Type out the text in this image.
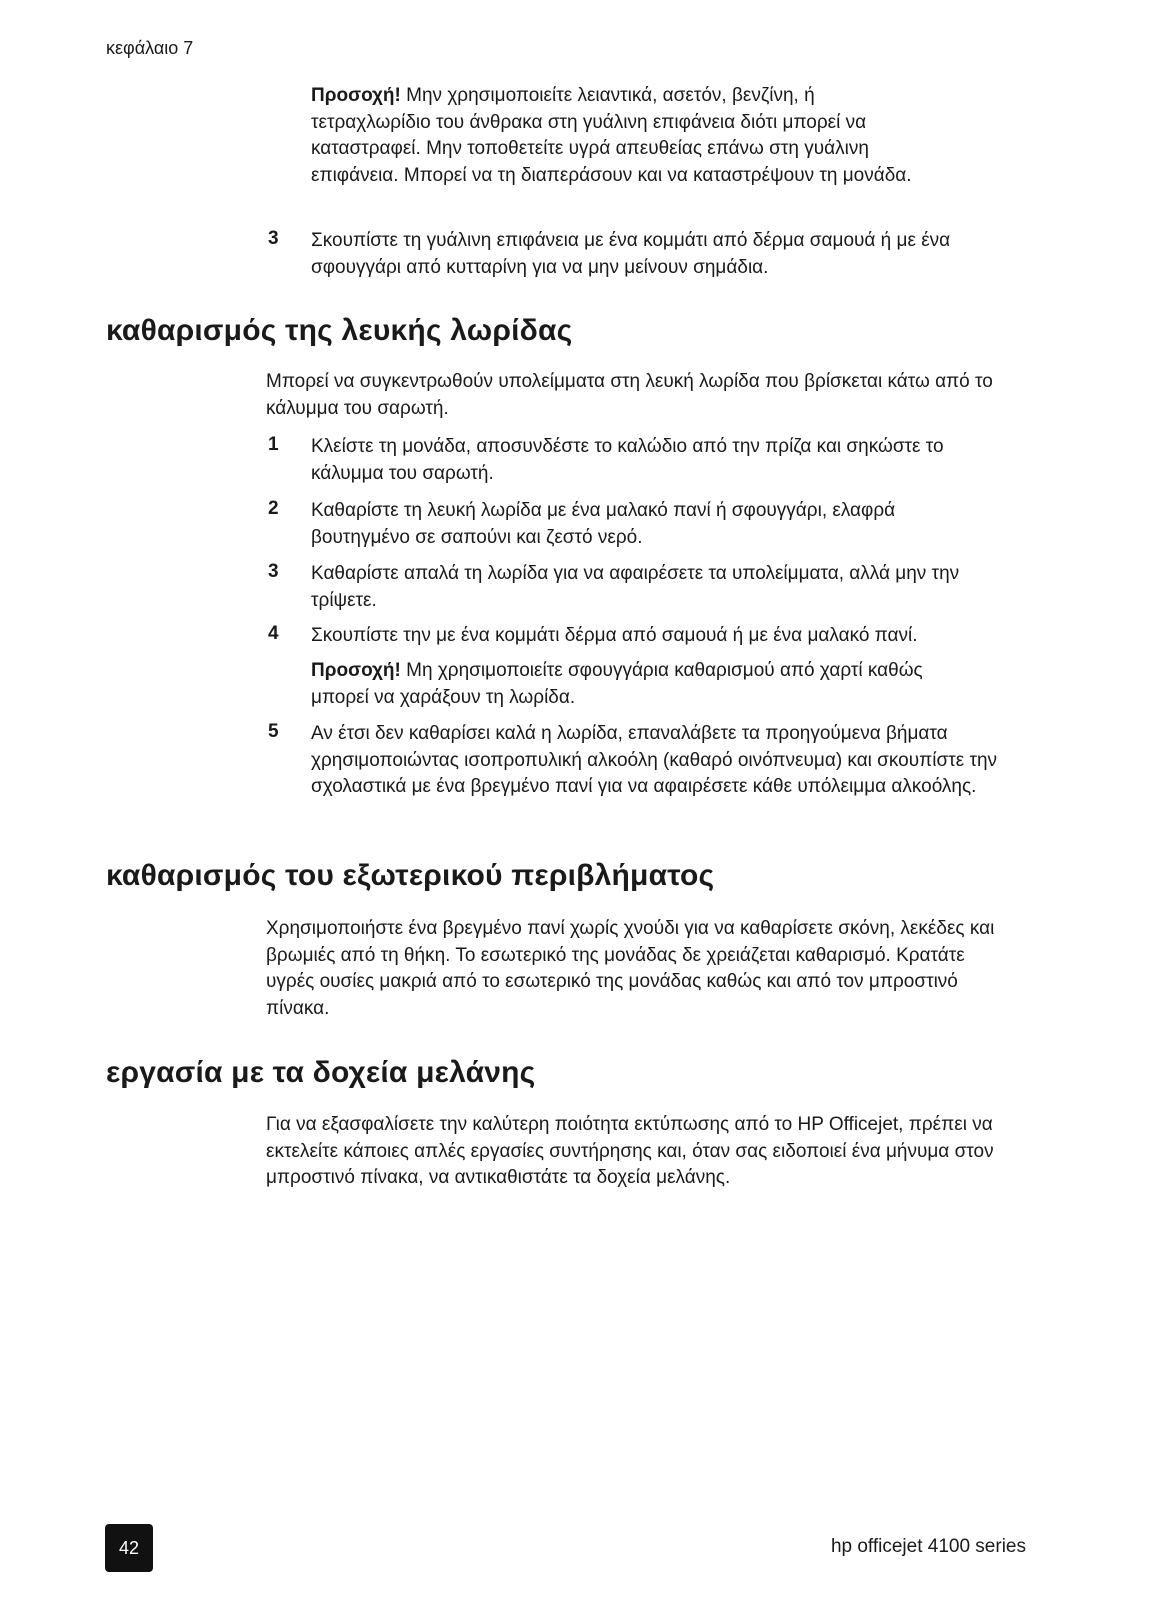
κεφάλαιο 7

Προσοχή! Μην χρησιμοποιείτε λειαντικά, ασετόν, βενζίνη, ή τετραχλωρίδιο του άνθρακα στη γυάλινη επιφάνεια διότι μπορεί να καταστραφεί. Μην τοποθετείτε υγρά απευθείας επάνω στη γυάλινη επιφάνεια. Μπορεί να τη διαπεράσουν και να καταστρέψουν τη μονάδα.

3 Σκουπίστε τη γυάλινη επιφάνεια με ένα κομμάτι από δέρμα σαμουά ή με ένα σφουγγάρι από κυτταρίνη για να μην μείνουν σημάδια.

καθαρισμός της λευκής λωρίδας

Μπορεί να συγκεντρωθούν υπολείμματα στη λευκή λωρίδα που βρίσκεται κάτω από το κάλυμμα του σαρωτή.

1 Κλείστε τη μονάδα, αποσυνδέστε το καλώδιο από την πρίζα και σηκώστε το κάλυμμα του σαρωτή.

2 Καθαρίστε τη λευκή λωρίδα με ένα μαλακό πανί ή σφουγγάρι, ελαφρά βουτηγμένο σε σαπούνι και ζεστό νερό.

3 Καθαρίστε απαλά τη λωρίδα για να αφαιρέσετε τα υπολείμματα, αλλά μην την τρίψετε.

4 Σκουπίστε την με ένα κομμάτι δέρμα από σαμουά ή με ένα μαλακό πανί.

Προσοχή! Μη χρησιμοποιείτε σφουγγάρια καθαρισμού από χαρτί καθώς μπορεί να χαράξουν τη λωρίδα.

5 Αν έτσι δεν καθαρίσει καλά η λωρίδα, επαναλάβετε τα προηγούμενα βήματα χρησιμοποιώντας ισοπροπυλική αλκοόλη (καθαρό οινόπνευμα) και σκουπίστε την σχολαστικά με ένα βρεγμένο πανί για να αφαιρέσετε κάθε υπόλειμμα αλκοόλης.

καθαρισμός του εξωτερικού περιβλήματος

Χρησιμοποιήστε ένα βρεγμένο πανί χωρίς χνούδι για να καθαρίσετε σκόνη, λεκέδες και βρωμιές από τη θήκη. Το εσωτερικό της μονάδας δε χρειάζεται καθαρισμό. Κρατάτε υγρές ουσίες μακριά από το εσωτερικό της μονάδας καθώς και από τον μπροστινό πίνακα.

εργασία με τα δοχεία μελάνης

Για να εξασφαλίσετε την καλύτερη ποιότητα εκτύπωσης από το HP Officejet, πρέπει να εκτελείτε κάποιες απλές εργασίες συντήρησης και, όταν σας ειδοποιεί ένα μήνυμα στον μπροστινό πίνακα, να αντικαθιστάτε τα δοχεία μελάνης.

42	hp officejet 4100 series
